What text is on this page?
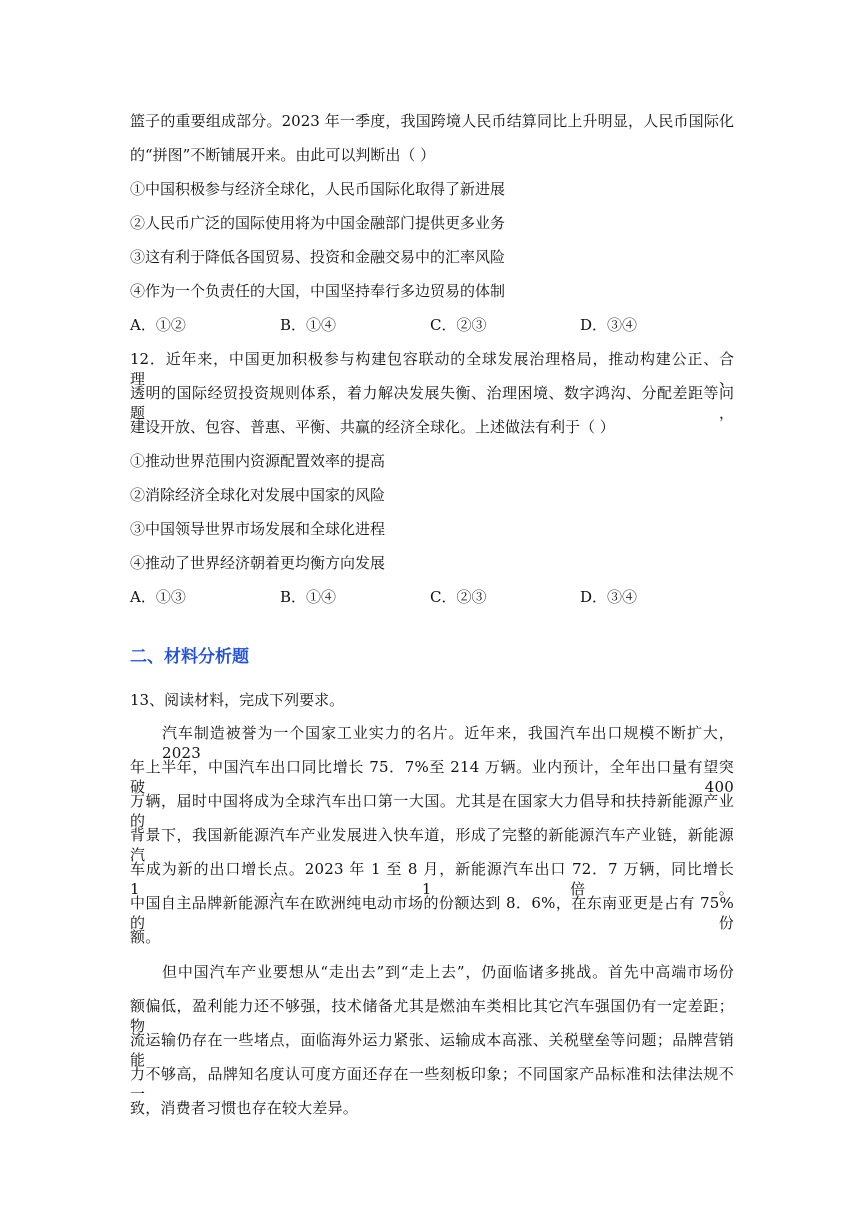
篮子的重要组成部分。2023 年一季度，我国跨境人民币结算同比上升明显，人民币国际化
的“拼图”不断铺展开来。由此可以判断出（ ）
①中国积极参与经济全球化，人民币国际化取得了新进展
②人民币广泛的国际使用将为中国金融部门提供更多业务
③这有利于降低各国贸易、投资和金融交易中的汇率风险
④作为一个负责任的大国，中国坚持奉行多边贸易的体制
A．①②	B．①④	C．②③	D．③④
12．近年来，中国更加积极参与构建包容联动的全球发展治理格局，推动构建公正、合理、
透明的国际经贸投资规则体系，着力解决发展失衡、治理困境、数字鸿沟、分配差距等问题，
建设开放、包容、普惠、平衡、共赢的经济全球化。上述做法有利于（ ）
①推动世界范围内资源配置效率的提高
②消除经济全球化对发展中国家的风险
③中国领导世界市场发展和全球化进程
④推动了世界经济朝着更均衡方向发展
A．①③	B．①④	C．②③	D．③④
二、材料分析题
13、阅读材料，完成下列要求。
汽车制造被誉为一个国家工业实力的名片。近年来，我国汽车出口规模不断扩大，2023
年上半年，中国汽车出口同比增长 75．7%至 214 万辆。业内预计，全年出口量有望突破 400
万辆，届时中国将成为全球汽车出口第一大国。尤其是在国家大力倡导和扶持新能源产业的
背景下，我国新能源汽车产业发展进入快车道，形成了完整的新能源汽车产业链，新能源汽
车成为新的出口增长点。2023 年 1 至 8 月，新能源汽车出口 72．7 万辆，同比增长 1．1 倍。
中国自主品牌新能源汽车在欧洲纯电动市场的份额达到 8．6%，在东南亚更是占有 75%的份
额。
但中国汽车产业要想从“走出去”到“走上去”，仍面临诸多挑战。首先中高端市场份
额偏低，盈利能力还不够强，技术储备尤其是燃油车类相比其它汽车强国仍有一定差距；物
流运输仍存在一些堵点，面临海外运力紧张、运输成本高涨、关税壁垒等问题；品牌营销能
力不够高，品牌知名度认可度方面还存在一些刻板印象；不同国家产品标准和法律法规不一
致，消费者习惯也存在较大差异。
